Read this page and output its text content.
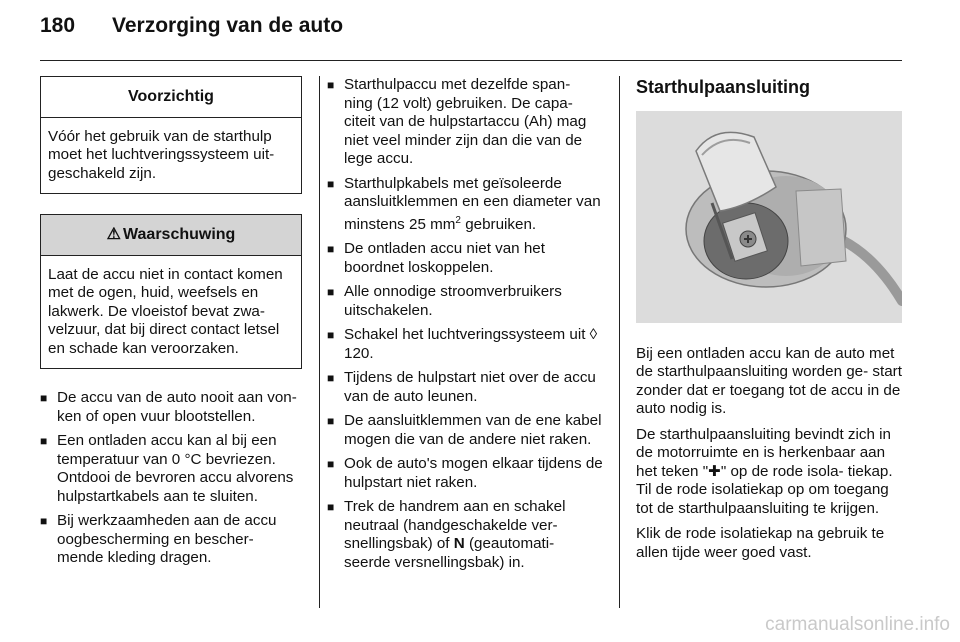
180	Verzorging van de auto
Voorzichtig
Vóór het gebruik van de starthulp moet het luchtveringssysteem uit- geschakeld zijn.
⚠ Waarschuwing
Laat de accu niet in contact komen met de ogen, huid, weefsels en lakwerk. De vloeistof bevat zwa- velzuur, dat bij direct contact letsel en schade kan veroorzaken.
■ De accu van de auto nooit aan von- ken of open vuur blootstellen.
■ Een ontladen accu kan al bij een temperatuur van 0 °C bevriezen. Ontdooi de bevroren accu alvorens hulpstartkabels aan te sluiten.
■ Bij werkzaamheden aan de accu oogbescherming en bescher- mende kleding dragen.
■ Starthulpaccu met dezelfde span- ning (12 volt) gebruiken. De capa- citeit van de hulpstartaccu (Ah) mag niet veel minder zijn dan die van de lege accu.
■ Starthulpkabels met geïsoleerde aansluitklemmen en een diameter van minstens 25 $mm^2$ gebruiken.
■ De ontladen accu niet van het boordnet loskoppelen.
■ Alle onnodige stroomverbruikers uitschakelen.
■ Schakel het luchtveringssysteem uit ◊ 120.
■ Tijdens de hulpstart niet over de accu van de auto leunen.
■ De aansluitklemmen van de ene kabel mogen die van de andere niet raken.
■ Ook de auto's mogen elkaar tijdens de hulpstart niet raken.
■ Trek de handrem aan en schakel neutraal (handgeschakelde ver- snellingsbak) of N (geautomati- seerde versnellingsbak) in.
Starthulpaansluiting

Bij een ontladen accu kan de auto met de starthulpaansluiting worden ge- start zonder dat er toegang tot de accu in de auto nodig is.

De starthulpaansluiting bevindt zich in de motorruimte en is herkenbaar aan het teken "✚" op de rode isola- tiekap. Til de rode isolatiekap op om toegang tot de starthulpaansluiting te krijgen.

Klik de rode isolatiekap na gebruik te allen tijde weer goed vast.

carmanualsonline.info
